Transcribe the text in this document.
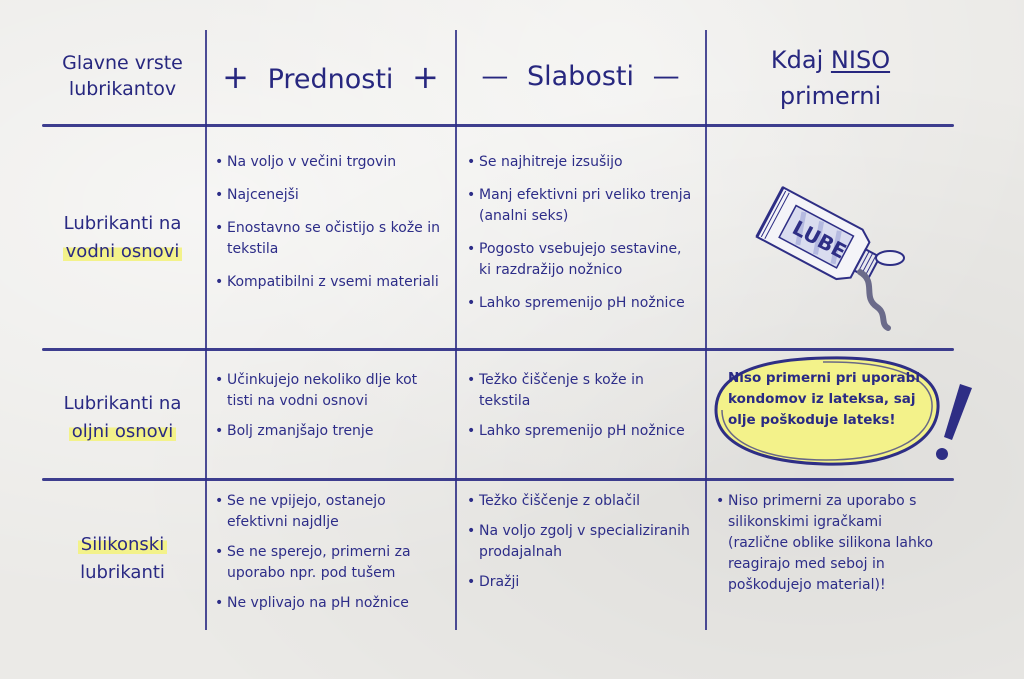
Glavne vrste
lubrikantov	+ Prednosti +	— Slabosti —
Kdaj NISO
primerni
Lubrikanti na
vodni osnovi
• Na voljo v večini trgovin
• Najcenejši
• Enostavno se očistijo s kože in tekstila
• Kompatibilni z vsemi materiali
• Se najhitreje izsušijo
• Manj efektivni pri veliko trenja (analni seks)
• Pogosto vsebujejo sestavine, ki razdražijo nožnico
• Lahko spremenijo pH nožnice
LUBE
Lubrikanti na
oljni osnovi
• Učinkujejo nekoliko dlje kot tisti na vodni osnovi
• Bolj zmanjšajo trenje
• Težko čiščenje s kože in tekstila
• Lahko spremenijo pH nožnice
Niso primerni pri uporabi kondomov iz lateksa, saj olje poškoduje lateks!
Silikonski
lubrikanti
• Se ne vpijejo, ostanejo efektivni najdlje
• Se ne sperejo, primerni za uporabo npr. pod tušem
• Ne vplivajo na pH nožnice
• Težko čiščenje z oblačil
• Na voljo zgolj v specializiranih prodajalnah
• Dražji
• Niso primerni za uporabo s silikonskimi igračkami (različne oblike silikona lahko reagirajo med seboj in poškodujejo material)!
